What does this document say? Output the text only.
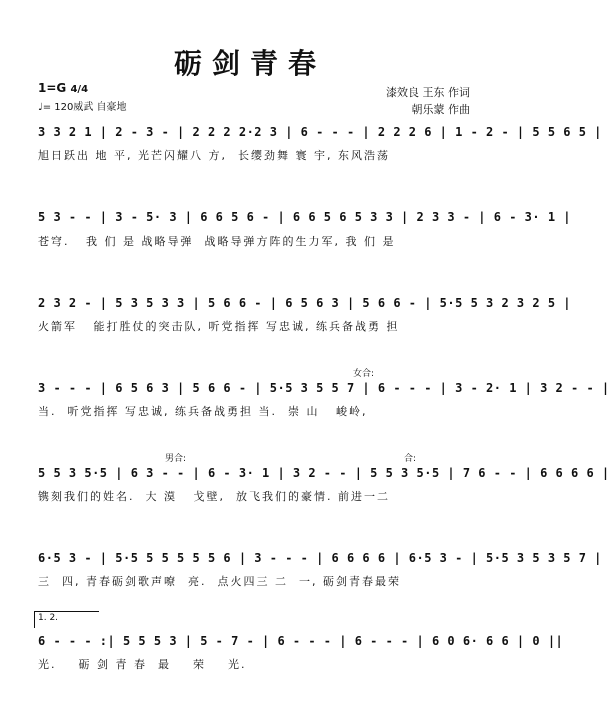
砺剑青春
1=G 4/4
♩= 120威武 自豪地
漆效良 王东 作词
朝乐蒙 作曲
3 3 2 1 | 2 - 3 - | 2 2 2 2·2 3 | 6 - - - | 2 2 2 6 | 1 - 2 - | 5 5 6 5 |
旭日跃出 地 平, 光芒闪耀八 方,  长缨劲舞 寰 宇, 东风浩荡
5 3 - - | 3 - 5· 3 | 6 6 5 6 - | 6 6 5 6 5 3 3 | 2 3 3 - | 6 - 3· 1 |
苍穹.   我 们 是 战略导弹  战略导弹方阵的生力军, 我 们 是
2 3 2 - | 5 3 5 3 3 | 5 6 6 - | 6 5 6 3 | 5 6 6 - | 5·5 5 3 2 3 2 5 |
火箭军   能打胜仗的突击队, 听党指挥 写忠诚, 练兵备战勇 担
女合:
3 - - - | 6 5 6 3 | 5 6 6 - | 5·5 3 5 5 7 | 6 - - - | 3 - 2· 1 | 3 2 - - |
当.  听党指挥 写忠诚, 练兵备战勇担 当.  崇 山   峻岭,
男合:	合:
5 5 3 5·5 | 6 3 - - | 6 - 3· 1 | 3 2 - - | 5 5 3 5·5 | 7 6 - - | 6 6 6 6 |
镌刻我们的姓名.  大 漠   戈壁,  放飞我们的豪情. 前进一二
6·5 3 - | 5·5 5 5 5 5 5 6 | 3 - - - | 6 6 6 6 | 6·5 3 - | 5·5 3 5 3 5 7 |
三  四, 青春砺剑歌声嘹  亮.  点火四三 二  一, 砺剑青春最荣
1. 2.
6 - - - :| 5 5 5 3 | 5 - 7 - | 6 - - - | 6 - - - | 6 0 6· 6 6 | 0 ||
光.    砺 剑 青 春  最    荣    光.
